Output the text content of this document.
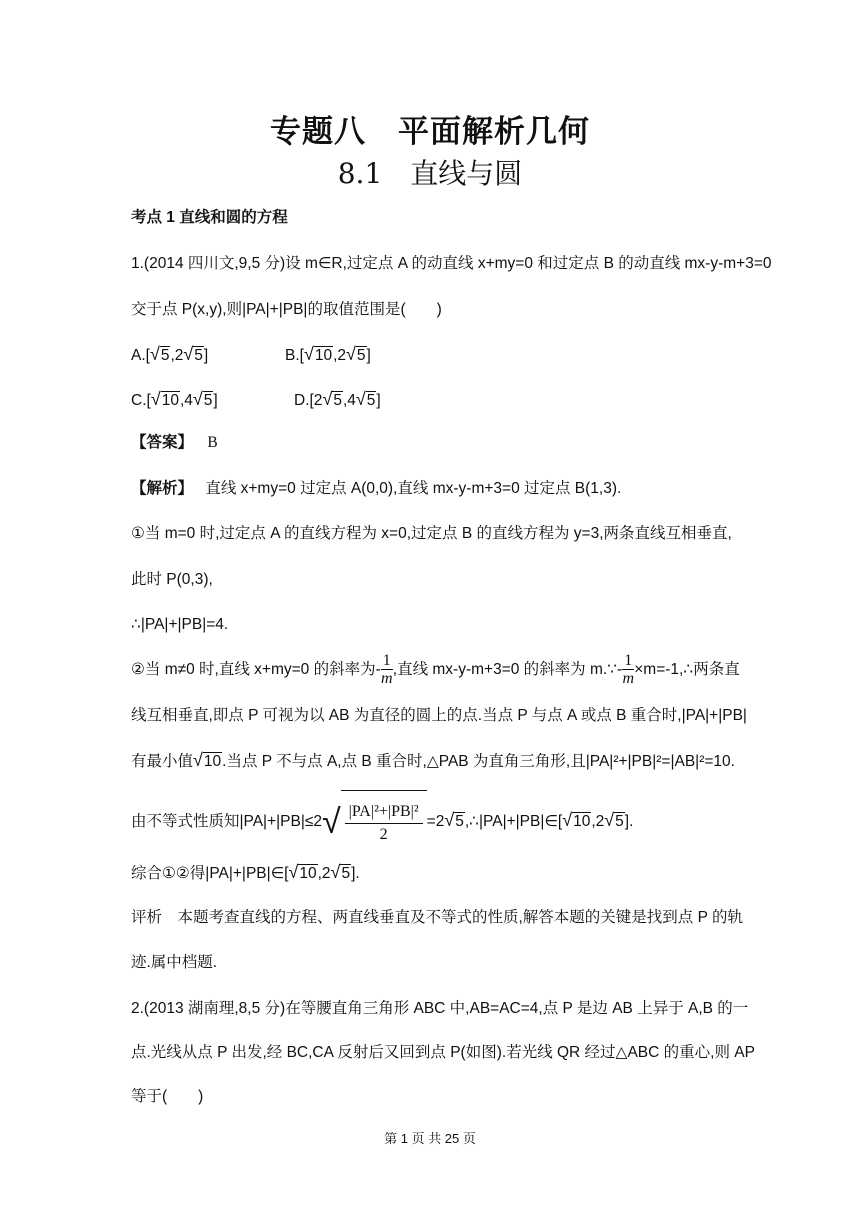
专题八　平面解析几何
8.1　直线与圆
考点 1 直线和圆的方程
1.(2014 四川文,9,5 分)设 m∈R,过定点 A 的动直线 x+my=0 和过定点 B 的动直线 mx-y-m+3=0
交于点 P(x,y),则|PA|+|PB|的取值范围是(　　)
A.[√5,2√5]	B.[√10,2√5]
C.[√10,4√5]	D.[2√5,4√5]
【答案】 B
【解析】 直线 x+my=0 过定点 A(0,0),直线 mx-y-m+3=0 过定点 B(1,3).
①当 m=0 时,过定点 A 的直线方程为 x=0,过定点 B 的直线方程为 y=3,两条直线互相垂直,
此时 P(0,3),
∴|PA|+|PB|=4.
②当 m≠0 时,直线 x+my=0 的斜率为- $\frac{1}{m}$ ,直线 mx-y-m+3=0 的斜率为 m.∵- $\frac{1}{m}$ ×m=-1,∴两条直
线互相垂直,即点 P 可视为以 AB 为直径的圆上的点.当点 P 与点 A 或点 B 重合时,|PA|+|PB|
有最小值√10.当点 P 不与点 A,点 B 重合时,△PAB 为直角三角形,且|PA|²+|PB|²=|AB|²=10.
由不等式性质知$|PA|+|PB|\le 2√ \frac{\text{|PA|²+|PB|²}}{2}$ =2√5,∴|PA|+|PB|∈[√10,2√5].
综合①②得|PA|+|PB|∈[√10,2√5].
评析　本题考查直线的方程、两直线垂直及不等式的性质,解答本题的关键是找到点 P 的轨
迹.属中档题.
2.(2013 湖南理,8,5 分)在等腰直角三角形 ABC 中,AB=AC=4,点 P 是边 AB 上异于 A,B 的一
点.光线从点 P 出发,经 BC,CA 反射后又回到点 P(如图).若光线 QR 经过△ABC 的重心,则 AP
等于(　　)
第 1 页 共 25 页
